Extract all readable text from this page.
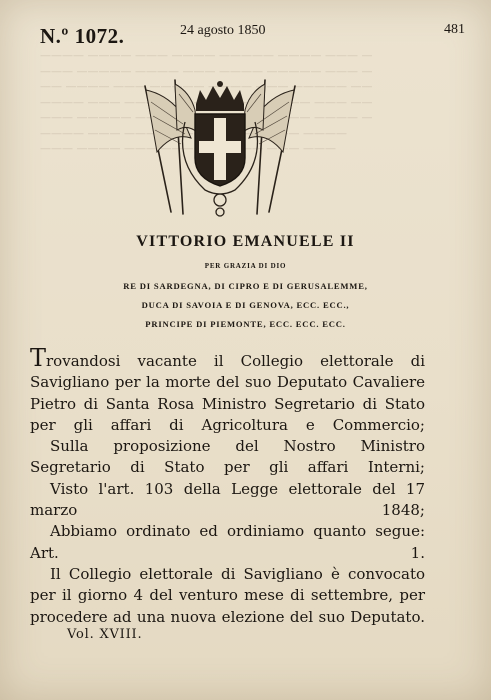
———— ———— ——— ———— ————— ———— ——— —
——— ————— ———— ——— ———— ————— ——— —
—— ———— ——— ————— ———— ——— ————— ——
———— ——— ———— ——— ——
——— ————— ———— —
———— ——— ————— ——— ———— ——— ————
——— ———— ——— ————— ———— ——— ———
N.º 1072.	24 agosto 1850	481
VITTORIO EMANUELE II
PER GRAZIA DI DIO
RE DI SARDEGNA, DI CIPRO E DI GERUSALEMME,
DUCA DI SAVOIA E DI GENOVA, ECC. ECC.,
PRINCIPE DI PIEMONTE, ECC. ECC. ECC.

Trovandosi vacante il Collegio elettorale di Savigliano per la morte del suo Deputato Cavaliere Pietro di Santa Rosa Ministro Segretario di Stato per gli affari di Agricoltura e Commercio;

Sulla proposizione del Nostro Ministro Segretario di Stato per gli affari Interni;

Visto l'art. 103 della Legge elettorale del 17 marzo 1848;

Abbiamo ordinato ed ordiniamo quanto segue:

Art. 1.

Il Collegio elettorale di Savigliano è convocato per il giorno 4 del venturo mese di settembre, per procedere ad una nuova elezione del suo Deputato.

Vol. XVIII.
